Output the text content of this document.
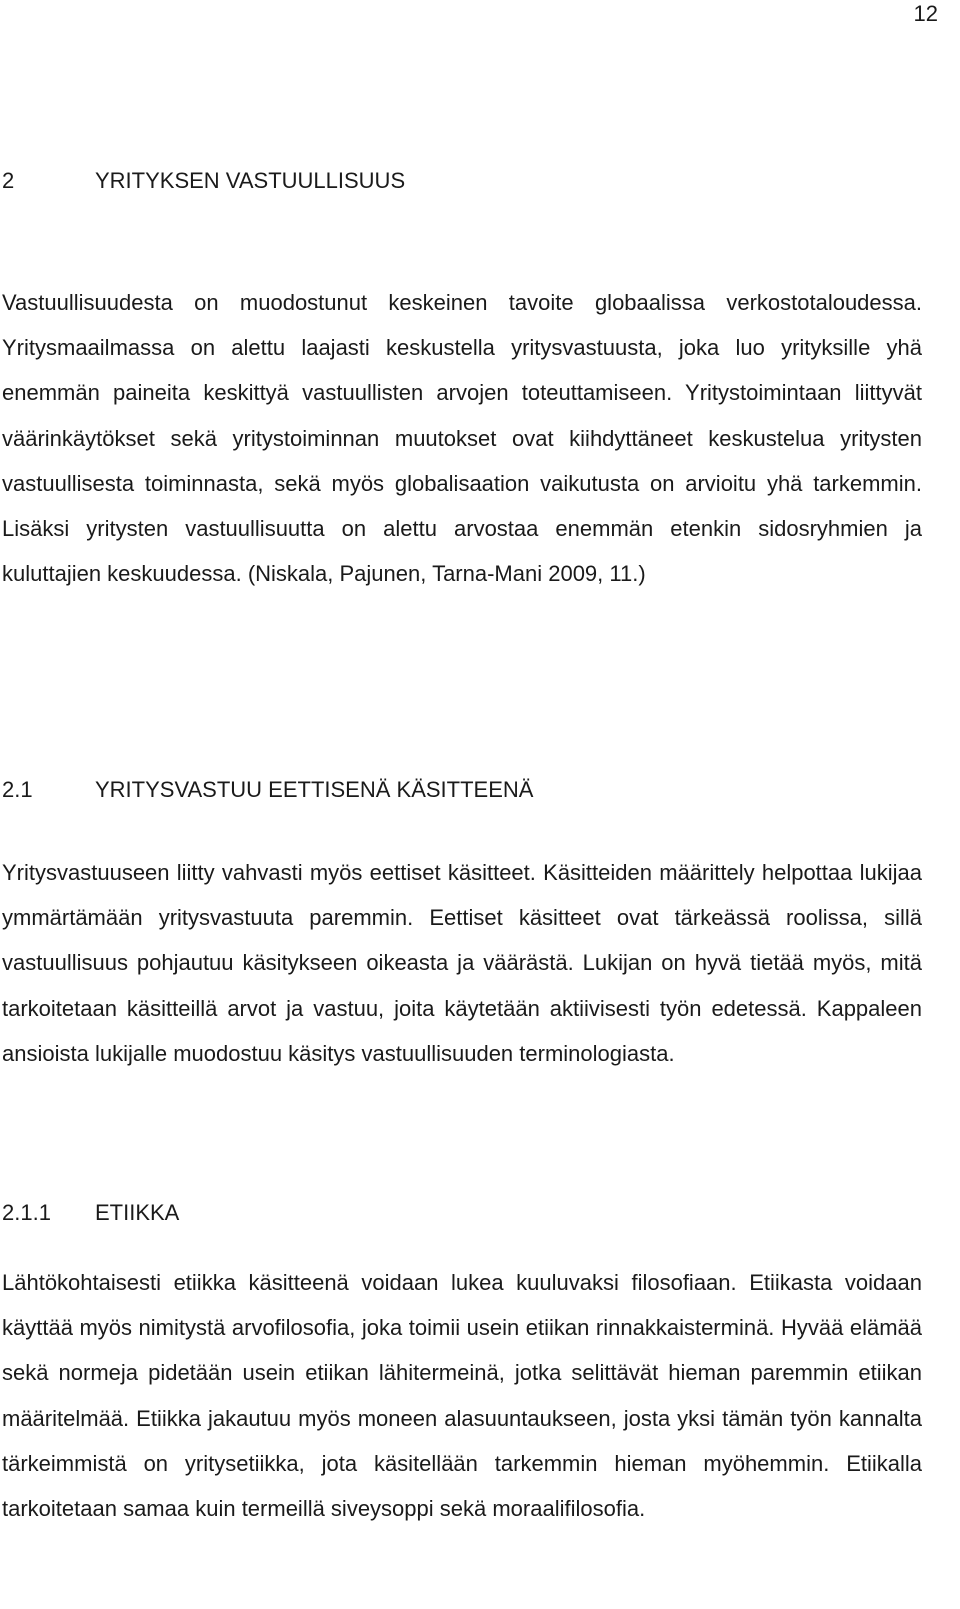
12
2	YRITYKSEN VASTUULLISUUS

Vastuullisuudesta on muodostunut keskeinen tavoite globaalissa verkostotaloudessa. Yritysmaailmassa on alettu laajasti keskustella yritysvastuusta, joka luo yrityksille yhä enemmän paineita keskittyä vastuullisten arvojen toteuttamiseen. Yritystoimintaan liittyvät väärinkäytökset sekä yritystoiminnan muutokset ovat kiihdyttäneet keskustelua yritysten vastuullisesta toiminnasta, sekä myös globalisaation vaikutusta on arvioitu yhä tarkemmin. Lisäksi yritysten vastuullisuutta on alettu arvostaa enemmän etenkin sidosryhmien ja kuluttajien keskuudessa. (Niskala, Pajunen, Tarna-Mani 2009, 11.)

2.1	YRITYSVASTUU EETTISENÄ KÄSITTEENÄ

Yritysvastuuseen liitty vahvasti myös eettiset käsitteet. Käsitteiden määrittely helpottaa lukijaa ymmärtämään yritysvastuuta paremmin. Eettiset käsitteet ovat tärkeässä roolissa, sillä vastuullisuus pohjautuu käsitykseen oikeasta ja väärästä. Lukijan on hyvä tietää myös, mitä tarkoitetaan käsitteillä arvot ja vastuu, joita käytetään aktiivisesti työn edetessä. Kappaleen ansioista lukijalle muodostuu käsitys vastuullisuuden terminologiasta.

2.1.1 ETIIKKA

Lähtökohtaisesti etiikka käsitteenä voidaan lukea kuuluvaksi filosofiaan. Etiikasta voidaan käyttää myös nimitystä arvofilosofia, joka toimii usein etiikan rinnakkaisterminä. Hyvää elämää sekä normeja pidetään usein etiikan lähitermeinä, jotka selittävät hieman paremmin etiikan määritelmää. Etiikka jakautuu myös moneen alasuuntaukseen, josta yksi tämän työn kannalta tärkeimmistä on yritysetiikka, jota käsitellään tarkemmin hieman myöhemmin. Etiikalla tarkoitetaan samaa kuin termeillä siveysoppi sekä moraalifilosofia.
